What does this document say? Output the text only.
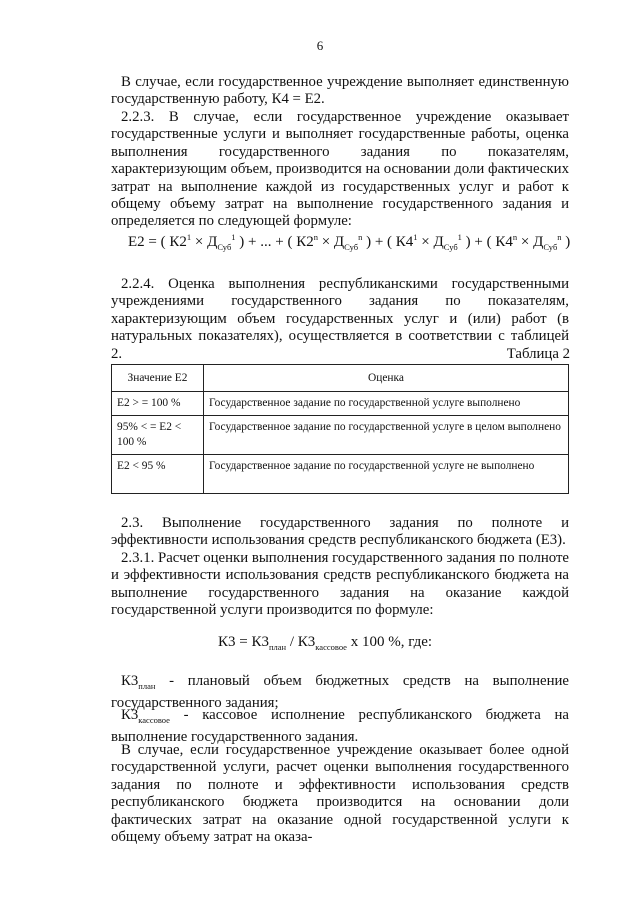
6

В случае, если государственное учреждение выполняет единственную государственную работу, К4 = Е2.

2.2.3. В случае, если государственное учреждение оказывает государственные услуги и выполняет государственные работы, оценка выполнения государственного задания по показателям, характеризующим объем, производится на основании доли фактических затрат на выполнение каждой из государственных услуг и работ к общему объему затрат на выполнение государственного задания и определяется по следующей формуле:

Е2 = ( $К2^1 \times Д_{Суб}^1$ ) + ... + ( $К2^n \times Д_{Суб}^n$ ) + ( $К4^1 \times Д_{Суб}^1$ ) + ( $К4^n \times Д_{Суб}^n$ )

2.2.4. Оценка выполнения республиканскими государственными учреждениями государственного задания по показателям, характеризующим объем государственных услуг и (или) работ (в натуральных показателях), осуществляется в соответствии с таблицей 2.	Таблица 2
Значение Е2	Оценка
Е2 > = 100 %	Государственное задание по государственной услуге выполнено
95% < = Е2 < 100 %	Государственное задание по государственной услуге в целом выполнено
Е2 < 95 %	Государственное задание по государственной услуге не выполнено

2.3. Выполнение государственного задания по полноте и эффективности использования средств республиканского бюджета (Е3).

2.3.1. Расчет оценки выполнения государственного задания по полноте и эффективности использования средств республиканского бюджета на выполнение государственного задания на оказание каждой государственной услуги производится по формуле:

$К3 = К3_{план} / К3_{кассовое}$ х 100 %, где:

$К3_{план}$ - плановый объем бюджетных средств на выполнение государственного задания;

$К3_{кассовое}$ - кассовое исполнение республиканского бюджета на выполнение государственного задания.

В случае, если государственное учреждение оказывает более одной государственной услуги, расчет оценки выполнения государственного задания по полноте и эффективности использования средств республиканского бюджета производится на основании доли фактических затрат на оказание одной государственной услуги к общему объему затрат на оказа-
